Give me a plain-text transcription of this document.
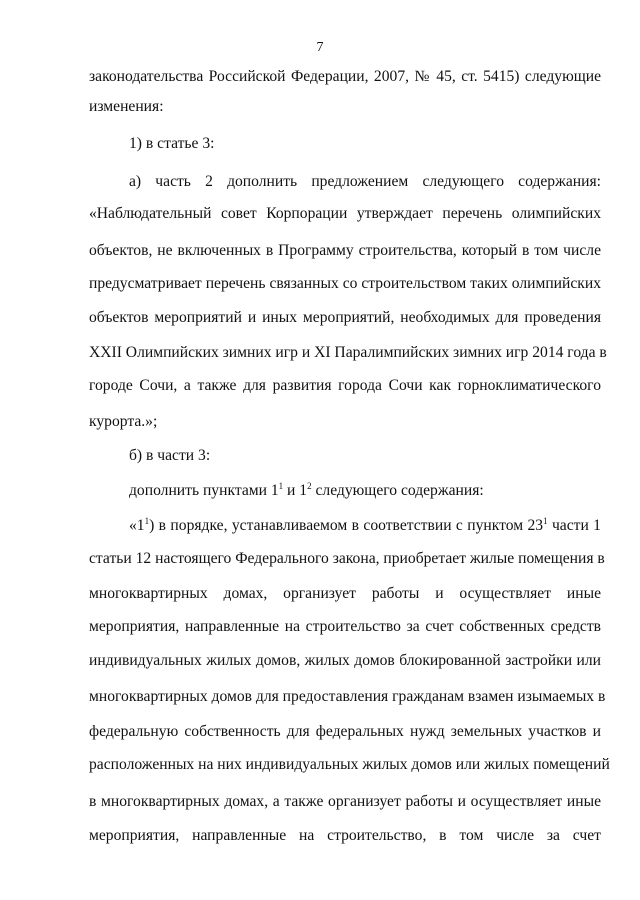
7
законодательства Российской Федерации, 2007, № 45, ст. 5415) следующие
изменения:
1) в статье 3:
а) часть 2 дополнить предложением следующего содержания:
«Наблюдательный совет Корпорации утверждает перечень олимпийских
объектов, не включенных в Программу строительства, который в том числе
предусматривает перечень связанных со строительством таких олимпийских
объектов мероприятий и иных мероприятий, необходимых для проведения
XXII Олимпийских зимних игр и XI Паралимпийских зимних игр 2014 года в
городе Сочи, а также для развития города Сочи как горноклиматического
курорта.»;
б) в части 3:
дополнить пунктами $1^1$ и $1^2$ следующего содержания:
«$1^1$) в порядке, устанавливаемом в соответствии с пунктом $23^1$ части 1
статьи 12 настоящего Федерального закона, приобретает жилые помещения в
многоквартирных домах, организует работы и осуществляет иные
мероприятия, направленные на строительство за счет собственных средств
индивидуальных жилых домов, жилых домов блокированной застройки или
многоквартирных домов для предоставления гражданам взамен изымаемых в
федеральную собственность для федеральных нужд земельных участков и
расположенных на них индивидуальных жилых домов или жилых помещений
в многоквартирных домах, а также организует работы и осуществляет иные
мероприятия, направленные на строительство, в том числе за счет
